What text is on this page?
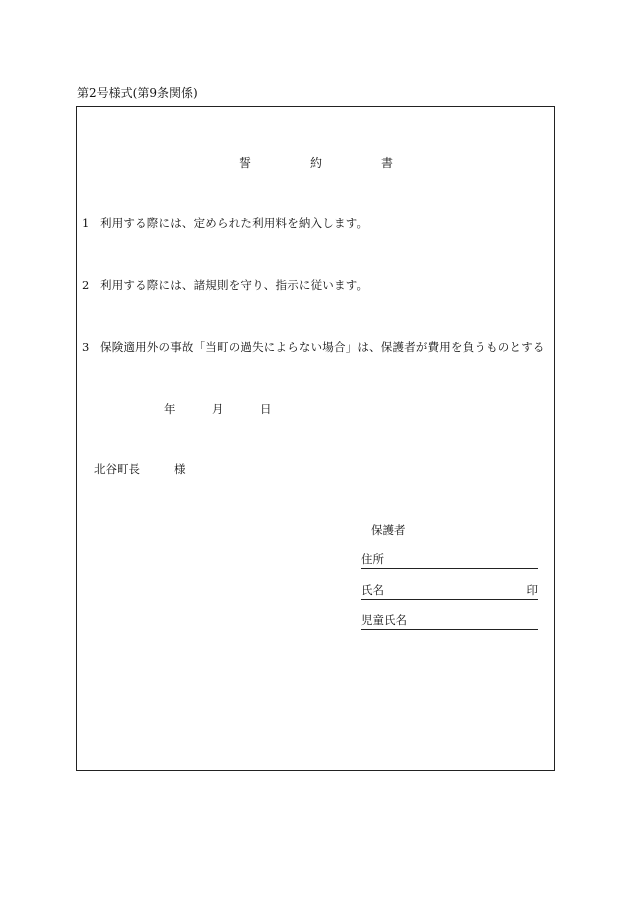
第2号様式(第9条関係)
誓	約	書
1 利用する際には、定められた利用料を納入します。
2 利用する際には、諸規則を守り、指示に従います。
3 保険適用外の事故「当町の過失によらない場合」は、保護者が費用を負うものとする
年	月	日
北谷町長	様
保護者
住所
氏名	印
児童氏名
